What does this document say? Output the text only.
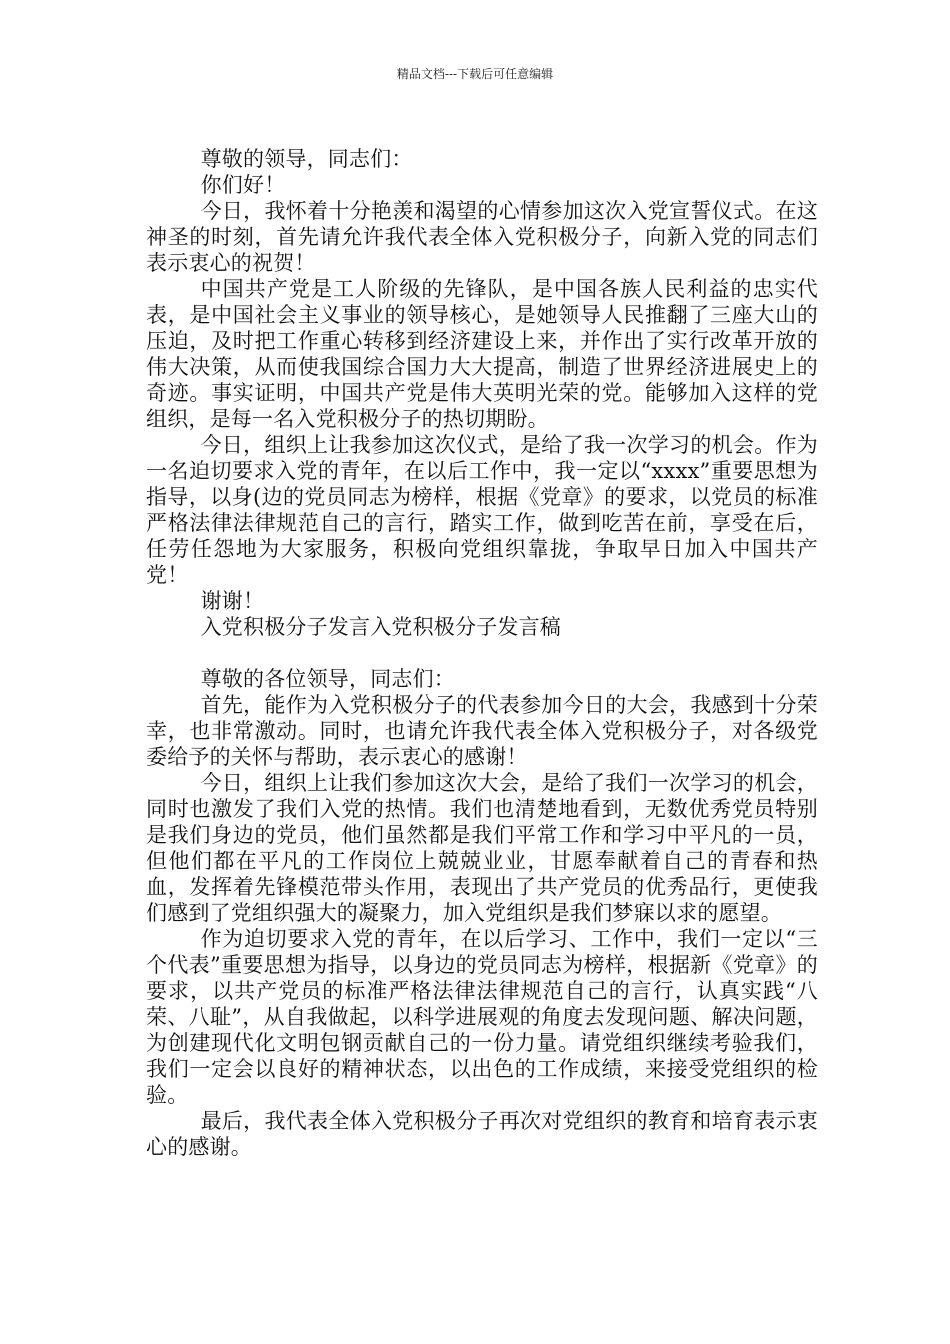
精品文档---下载后可任意编辑

尊敬的领导，同志们：

你们好！

今日，我怀着十分艳羡和渴望的心情参加这次入党宣誓仪式。在这神圣的时刻，首先请允许我代表全体入党积极分子，向新入党的同志们表示衷心的祝贺！

中国共产党是工人阶级的先锋队，是中国各族人民利益的忠实代表，是中国社会主义事业的领导核心，是她领导人民推翻了三座大山的压迫，及时把工作重心转移到经济建设上来，并作出了实行改革开放的伟大决策，从而使我国综合国力大大提高，制造了世界经济进展史上的奇迹。事实证明，中国共产党是伟大英明光荣的党。能够加入这样的党组织，是每一名入党积极分子的热切期盼。

今日，组织上让我参加这次仪式，是给了我一次学习的机会。作为一名迫切要求入党的青年，在以后工作中，我一定以“xxxx”重要思想为指导，以身(边的党员同志为榜样，根据《党章》的要求，以党员的标准严格法律法律规范自己的言行，踏实工作，做到吃苦在前，享受在后，任劳任怨地为大家服务，积极向党组织靠拢，争取早日加入中国共产党！

谢谢！

入党积极分子发言入党积极分子发言稿

尊敬的各位领导，同志们：

首先，能作为入党积极分子的代表参加今日的大会，我感到十分荣幸，也非常激动。同时，也请允许我代表全体入党积极分子，对各级党委给予的关怀与帮助，表示衷心的感谢！

今日，组织上让我们参加这次大会，是给了我们一次学习的机会，同时也激发了我们入党的热情。我们也清楚地看到，无数优秀党员特别是我们身边的党员，他们虽然都是我们平常工作和学习中平凡的一员，但他们都在平凡的工作岗位上兢兢业业，甘愿奉献着自己的青春和热血，发挥着先锋模范带头作用，表现出了共产党员的优秀品行，更使我们感到了党组织强大的凝聚力，加入党组织是我们梦寐以求的愿望。

作为迫切要求入党的青年，在以后学习、工作中，我们一定以“三个代表”重要思想为指导，以身边的党员同志为榜样，根据新《党章》的要求，以共产党员的标准严格法律法律规范自己的言行，认真实践“八荣、八耻”，从自我做起，以科学进展观的角度去发现问题、解决问题，为创建现代化文明包钢贡献自己的一份力量。请党组织继续考验我们，我们一定会以良好的精神状态，以出色的工作成绩，来接受党组织的检验。

最后，我代表全体入党积极分子再次对党组织的教育和培育表示衷心的感谢。
